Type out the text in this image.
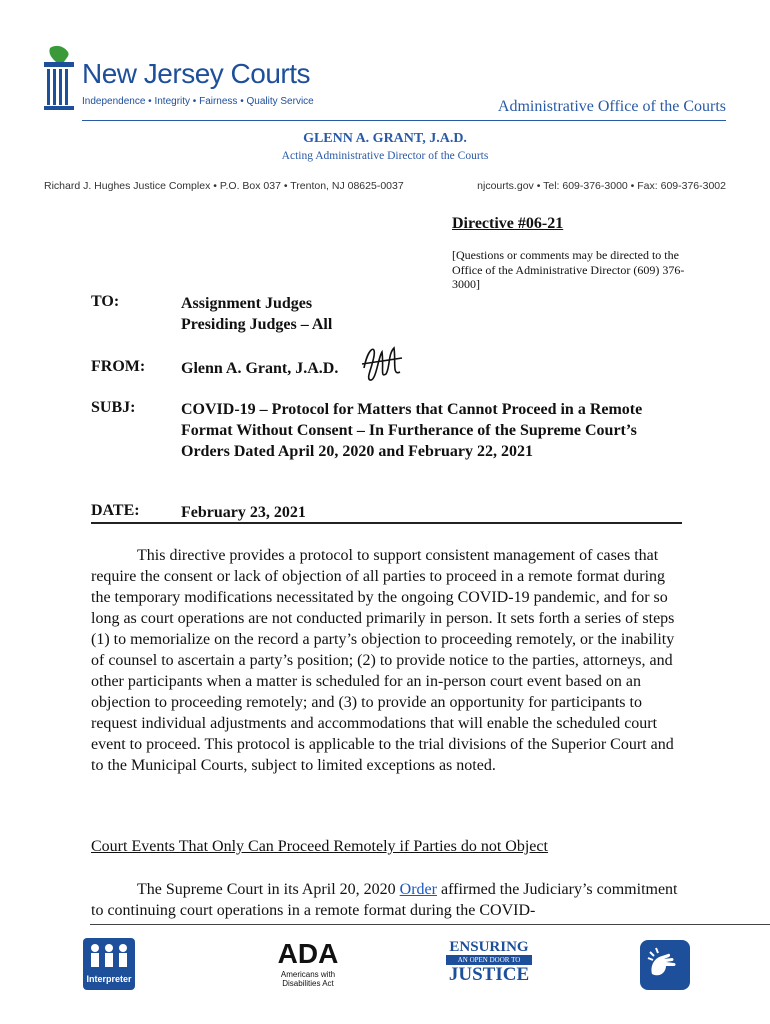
New Jersey Courts
Independence • Integrity • Fairness • Quality Service	Administrative Office of the Courts
GLENN A. GRANT, J.A.D.
Acting Administrative Director of the Courts
Richard J. Hughes Justice Complex • P.O. Box 037 • Trenton, NJ 08625-0037	njcourts.gov • Tel: 609-376-3000 • Fax: 609-376-3002
Directive #06-21
[Questions or comments may be directed to the Office of the Administrative Director (609) 376-3000]
TO:	Assignment Judges
Presiding Judges – All
FROM: Glenn A. Grant, J.A.D.
SUBJ:	COVID-19 – Protocol for Matters that Cannot Proceed in a Remote Format Without Consent – In Furtherance of the Supreme Court’s Orders Dated April 20, 2020 and February 22, 2021
DATE:	February 23, 2021
This directive provides a protocol to support consistent management of cases that require the consent or lack of objection of all parties to proceed in a remote format during the temporary modifications necessitated by the ongoing COVID-19 pandemic, and for so long as court operations are not conducted primarily in person. It sets forth a series of steps (1) to memorialize on the record a party’s objection to proceeding remotely, or the inability of counsel to ascertain a party’s position; (2) to provide notice to the parties, attorneys, and other participants when a matter is scheduled for an in-person court event based on an objection to proceeding remotely; and (3) to provide an opportunity for participants to request individual adjustments and accommodations that will enable the scheduled court event to proceed. This protocol is applicable to the trial divisions of the Superior Court and to the Municipal Courts, subject to limited exceptions as noted.
Court Events That Only Can Proceed Remotely if Parties do not Object
The Supreme Court in its April 20, 2020 Order affirmed the Judiciary’s commitment to continuing court operations in a remote format during the COVID-
Interpreter
ADA
Americans with Disabilities Act
ENSURING
AN OPEN DOOR TO
JUSTICE
